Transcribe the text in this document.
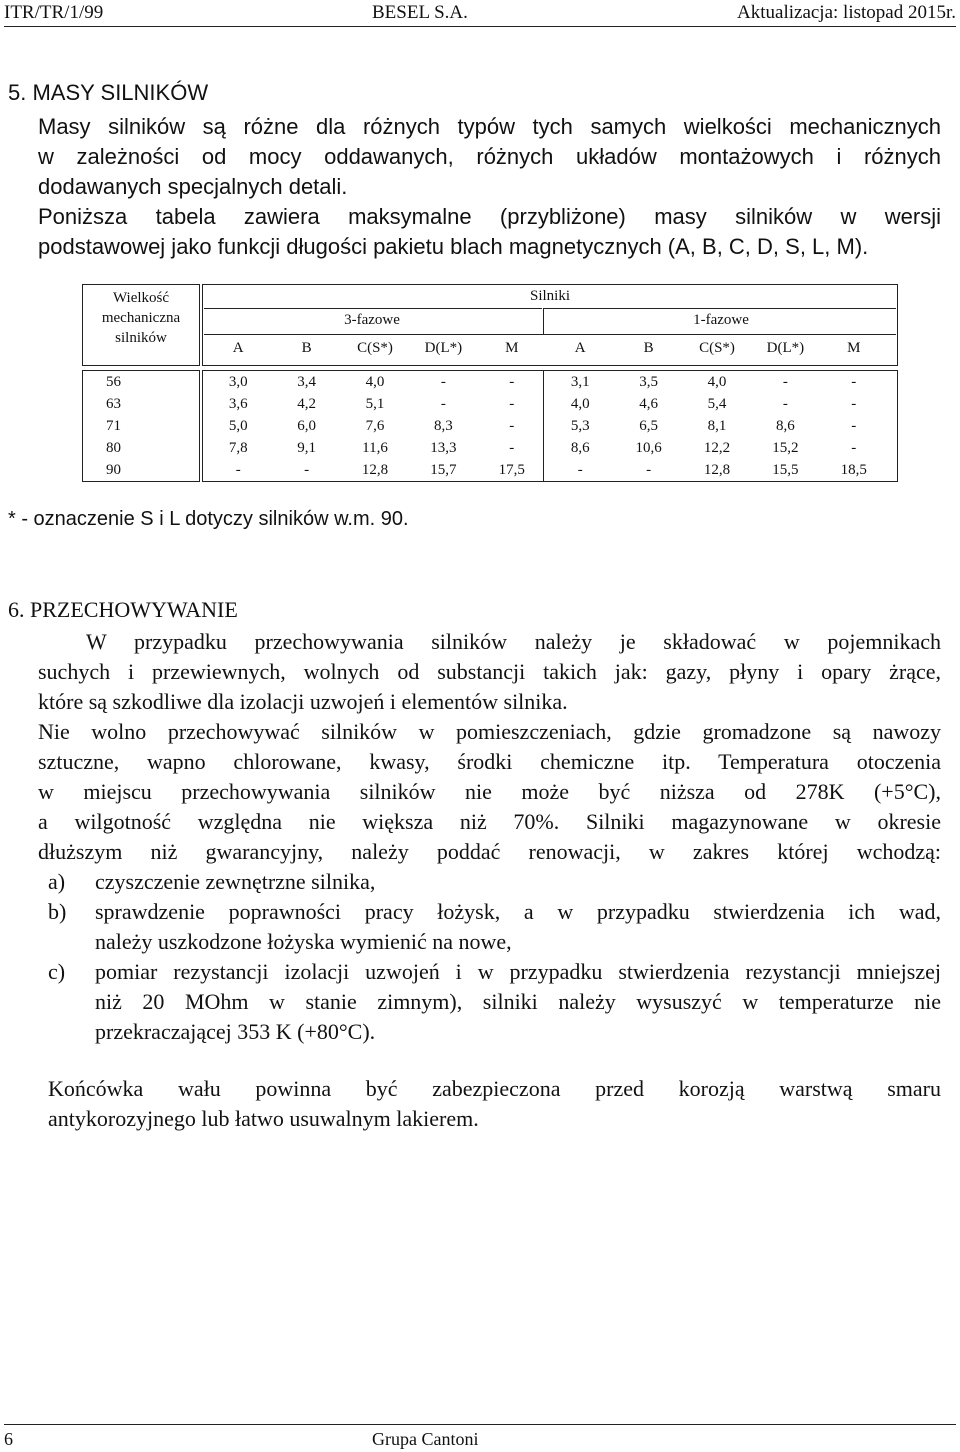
ITR/TR/1/99	BESEL S.A.	Aktualizacja: listopad 2015r.
5. MASY SILNIKÓW
Masy silników są różne dla różnych typów tych samych wielkości mechanicznych
w zależności od mocy oddawanych, różnych układów montażowych i różnych
dodawanych specjalnych detali.
Poniższa tabela zawiera maksymalne (przybliżone) masy silników w wersji
podstawowej jako funkcji długości pakietu blach magnetycznych (A, B, C, D, S, L, M).
Wielkość
mechaniczna
silników
Silniki
3-fazowe	1-fazowe
A	B	C(S*)	D(L*)	M	A	B	C(S*)	D(L*)	M
56	3,0	3,4	4,0	-	-	3,1	3,5	4,0	-	-
63	3,6	4,2	5,1	-	-	4,0	4,6	5,4	-	-
71	5,0	6,0	7,6	8,3	-	5,3	6,5	8,1	8,6	-
80	7,8	9,1	11,6	13,3	-	8,6	10,6	12,2	15,2	-
90	-	-	12,8	15,7	17,5	-	-	12,8	15,5	18,5
* - oznaczenie S i L dotyczy silników w.m. 90.
6. PRZECHOWYWANIE
W przypadku przechowywania silników należy je składować w pojemnikach
suchych i przewiewnych, wolnych od substancji takich jak: gazy, płyny i opary żrące,
które są szkodliwe dla izolacji uzwojeń i elementów silnika.
Nie wolno przechowywać silników w pomieszczeniach, gdzie gromadzone są nawozy
sztuczne, wapno chlorowane, kwasy, środki chemiczne itp. Temperatura otoczenia
w miejscu przechowywania silników nie może być niższa od 278K (+5°C),
a wilgotność względna nie większa niż 70%. Silniki magazynowane w okresie
dłuższym niż gwarancyjny, należy poddać renowacji, w zakres której wchodzą:
a) czyszczenie zewnętrzne silnika,
b) sprawdzenie poprawności pracy łożysk, a w przypadku stwierdzenia ich wad,
należy uszkodzone łożyska wymienić na nowe,
c) pomiar rezystancji izolacji uzwojeń i w przypadku stwierdzenia rezystancji mniejszej
niż 20 MOhm w stanie zimnym), silniki należy wysuszyć w temperaturze nie
przekraczającej 353 K (+80°C).
Końcówka wału powinna być zabezpieczona przed korozją warstwą smaru
antykorozyjnego lub łatwo usuwalnym lakierem.
6	Grupa Cantoni
